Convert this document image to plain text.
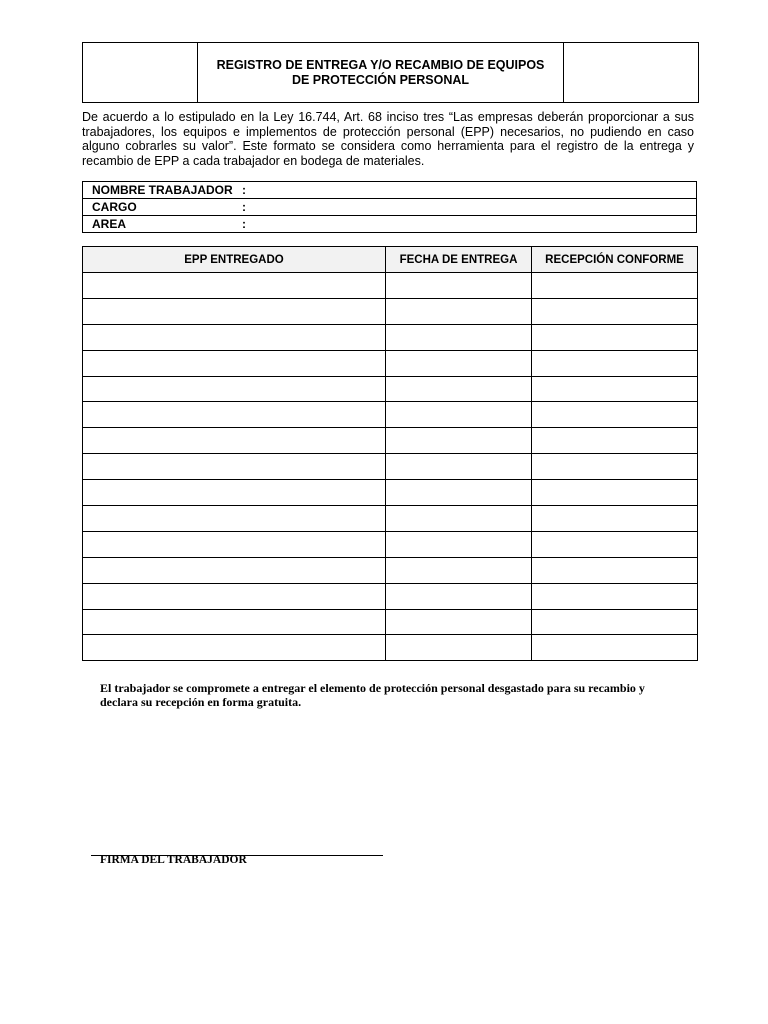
REGISTRO DE ENTREGA Y/O RECAMBIO DE EQUIPOS
DE PROTECCIÓN PERSONAL
De acuerdo a lo estipulado en la Ley 16.744, Art. 68 inciso tres “Las empresas deberán proporcionar a sus
trabajadores, los equipos e implementos de protección personal (EPP) necesarios, no pudiendo en caso
alguno cobrarles su valor”. Este formato se considera como herramienta para el registro de la entrega y
recambio de EPP a cada trabajador en bodega de materiales.
NOMBRE TRABAJADOR :
CARGO	:
AREA	:
EPP ENTREGADO	FECHA DE ENTREGA	RECEPCIÓN CONFORME

El trabajador se compromete a entregar el elemento de protección personal desgastado para su recambio y
declara su recepción en forma gratuita.
FIRMA DEL TRABAJADOR
